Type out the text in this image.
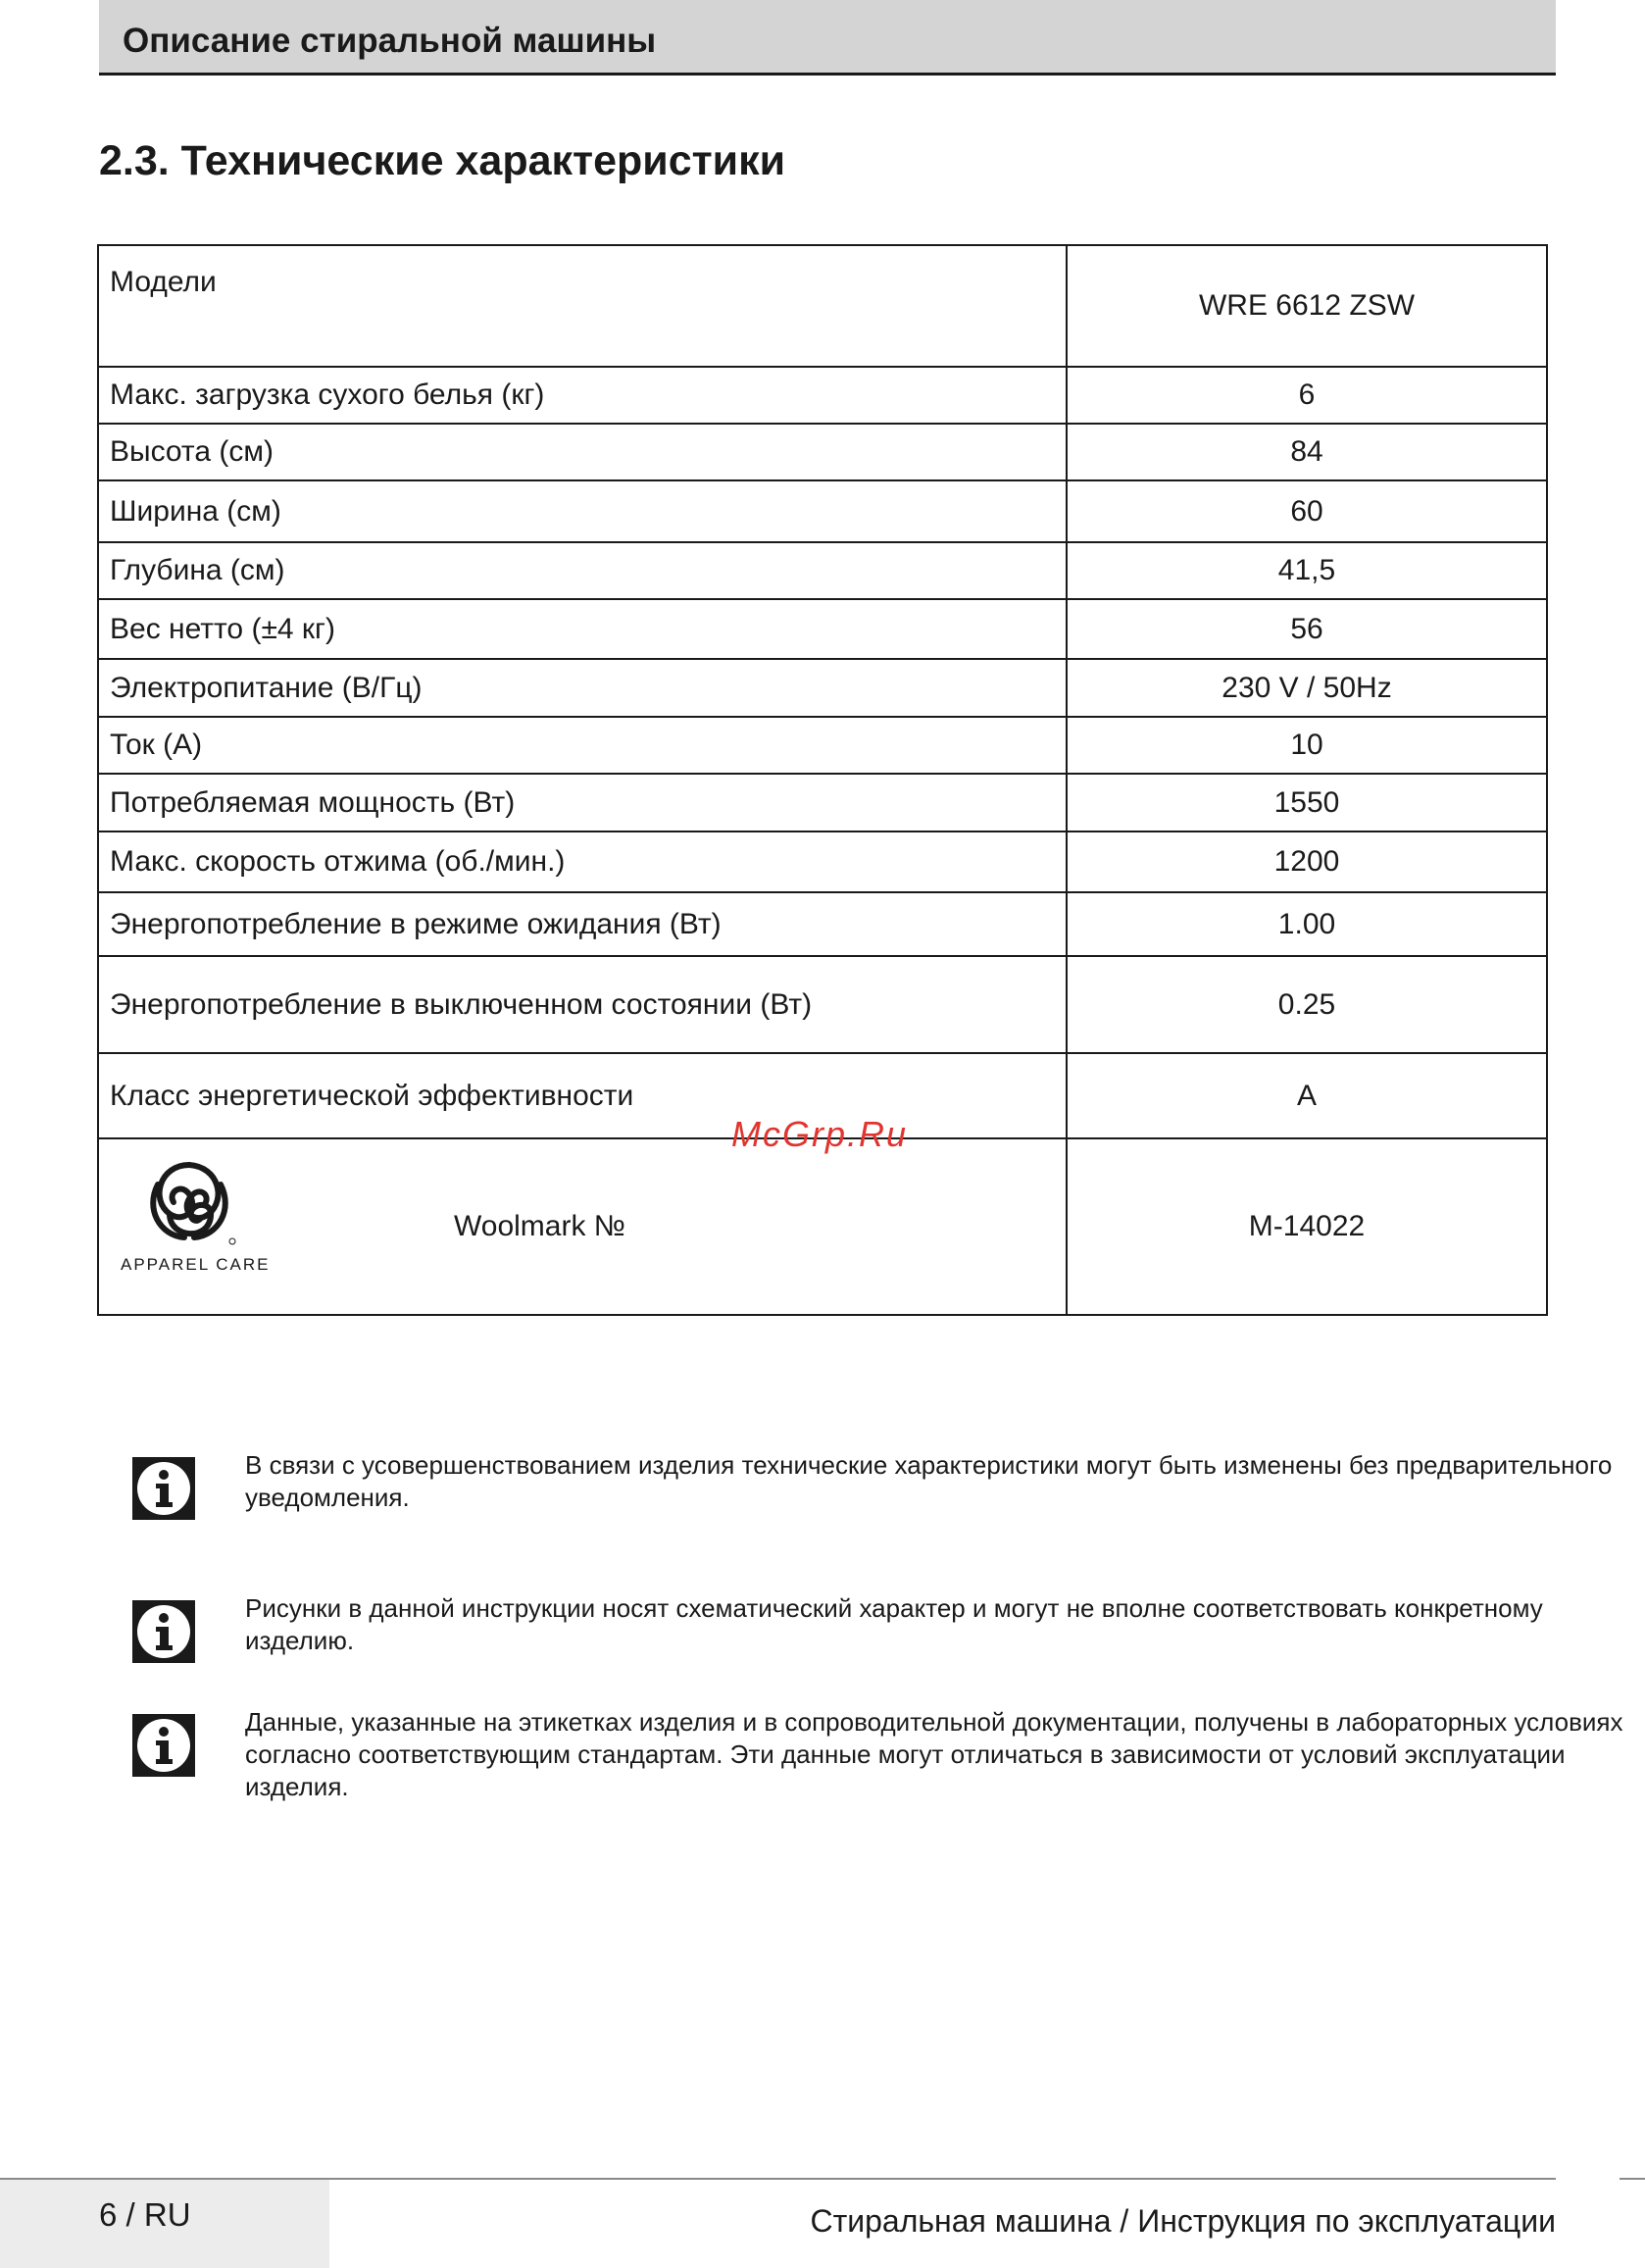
Описание стиральной машины
2.3. Технические характеристики
Модели	WRE 6612 ZSW
Макс. загрузка сухого белья (кг)	6
Высота (см)	84
Ширина (см)	60
Глубина (см)	41,5
Вес нетто (±4 кг)	56
Электропитание (В/Гц)	230 V / 50Hz
Ток (А)	10
Потребляемая мощность (Вт)	1550
Макс. скорость отжима (об./мин.)	1200
Энергопотребление в режиме ожидания (Вт)	1.00
Энергопотребление в выключенном состоянии (Вт)	0.25
Класс энергетической эффективности	A

APPAREL CARE
Woolmark №	M-14022
McGrp.Ru
В связи с усовершенствованием изделия технические характеристики могут быть изменены без предварительного уведомления.
Рисунки в данной инструкции носят схематический характер и могут не вполне соответствовать конкретному изделию.
Данные, указанные на этикетках изделия и в сопроводительной документации, получены в лабораторных условиях согласно соответствующим стандартам. Эти данные могут отличаться в зависимости от условий эксплуатации изделия.
6 / RU	Стиральная машина / Инструкция по эксплуатации
